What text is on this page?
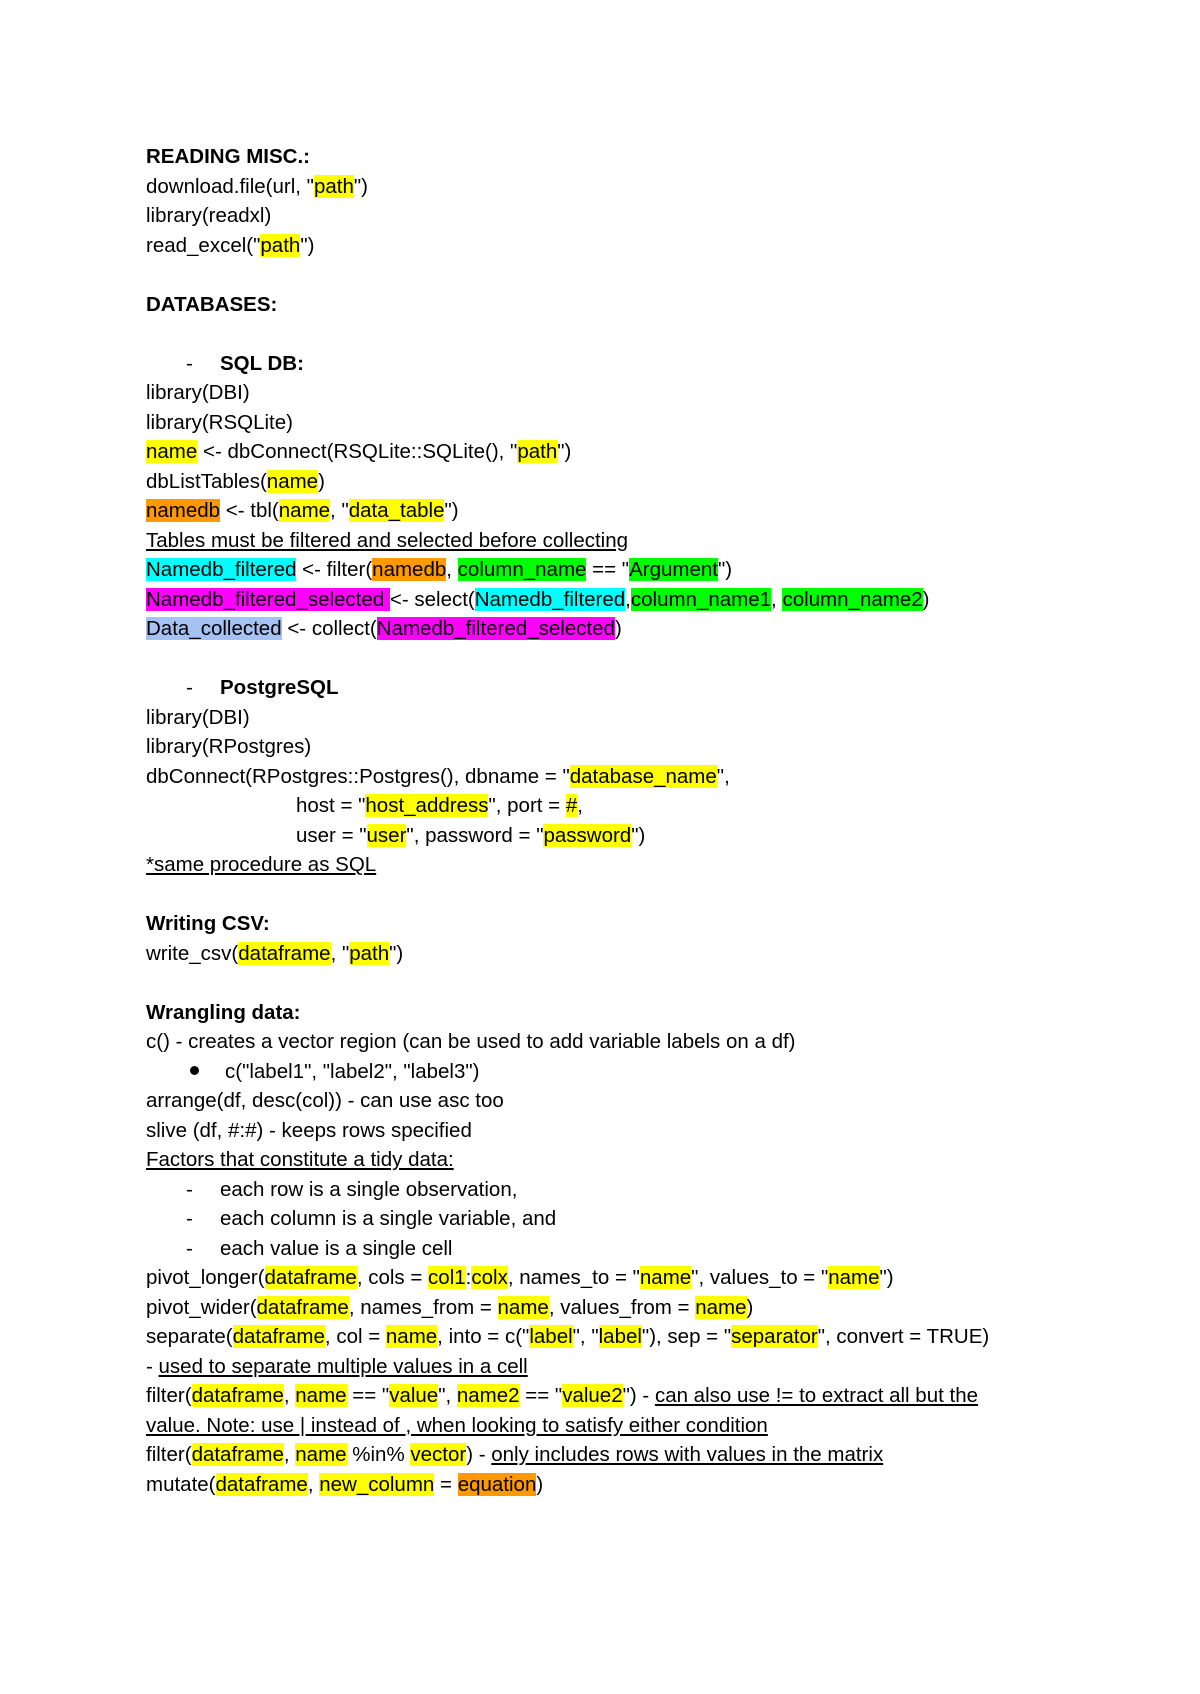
READING MISC.:
download.file(url, "path")
library(readxl)
read_excel("path")
DATABASES:
- SQL DB:
library(DBI)
library(RSQLite)
name <- dbConnect(RSQLite::SQLite(), "path")
dbListTables(name)
namedb <- tbl(name, "data_table")
Tables must be filtered and selected before collecting
Namedb_filtered <- filter(namedb, column_name == "Argument")
Namedb_filtered_selected <- select(Namedb_filtered,column_name1, column_name2)
Data_collected <- collect(Namedb_filtered_selected)
- PostgreSQL
library(DBI)
library(RPostgres)
dbConnect(RPostgres::Postgres(), dbname = "database_name",
host = "host_address", port = #,
user = "user", password = "password")
*same procedure as SQL
Writing CSV:
write_csv(dataframe, "path")
Wrangling data:
c() - creates a vector region (can be used to add variable labels on a df)
c("label1", "label2", "label3")
arrange(df, desc(col)) - can use asc too
slive (df, #:#) - keeps rows specified
Factors that constitute a tidy data:
- each row is a single observation,
- each column is a single variable, and
- each value is a single cell
pivot_longer(dataframe, cols = col1:colx, names_to = "name", values_to = "name")
pivot_wider(dataframe, names_from = name, values_from = name)
separate(dataframe, col = name, into = c("label", "label"), sep = "separator", convert = TRUE)
- used to separate multiple values in a cell
filter(dataframe, name == "value", name2 == "value2") - can also use != to extract all but the
value. Note: use | instead of , when looking to satisfy either condition
filter(dataframe, name %in% vector) - only includes rows with values in the matrix
mutate(dataframe, new_column = equation)
